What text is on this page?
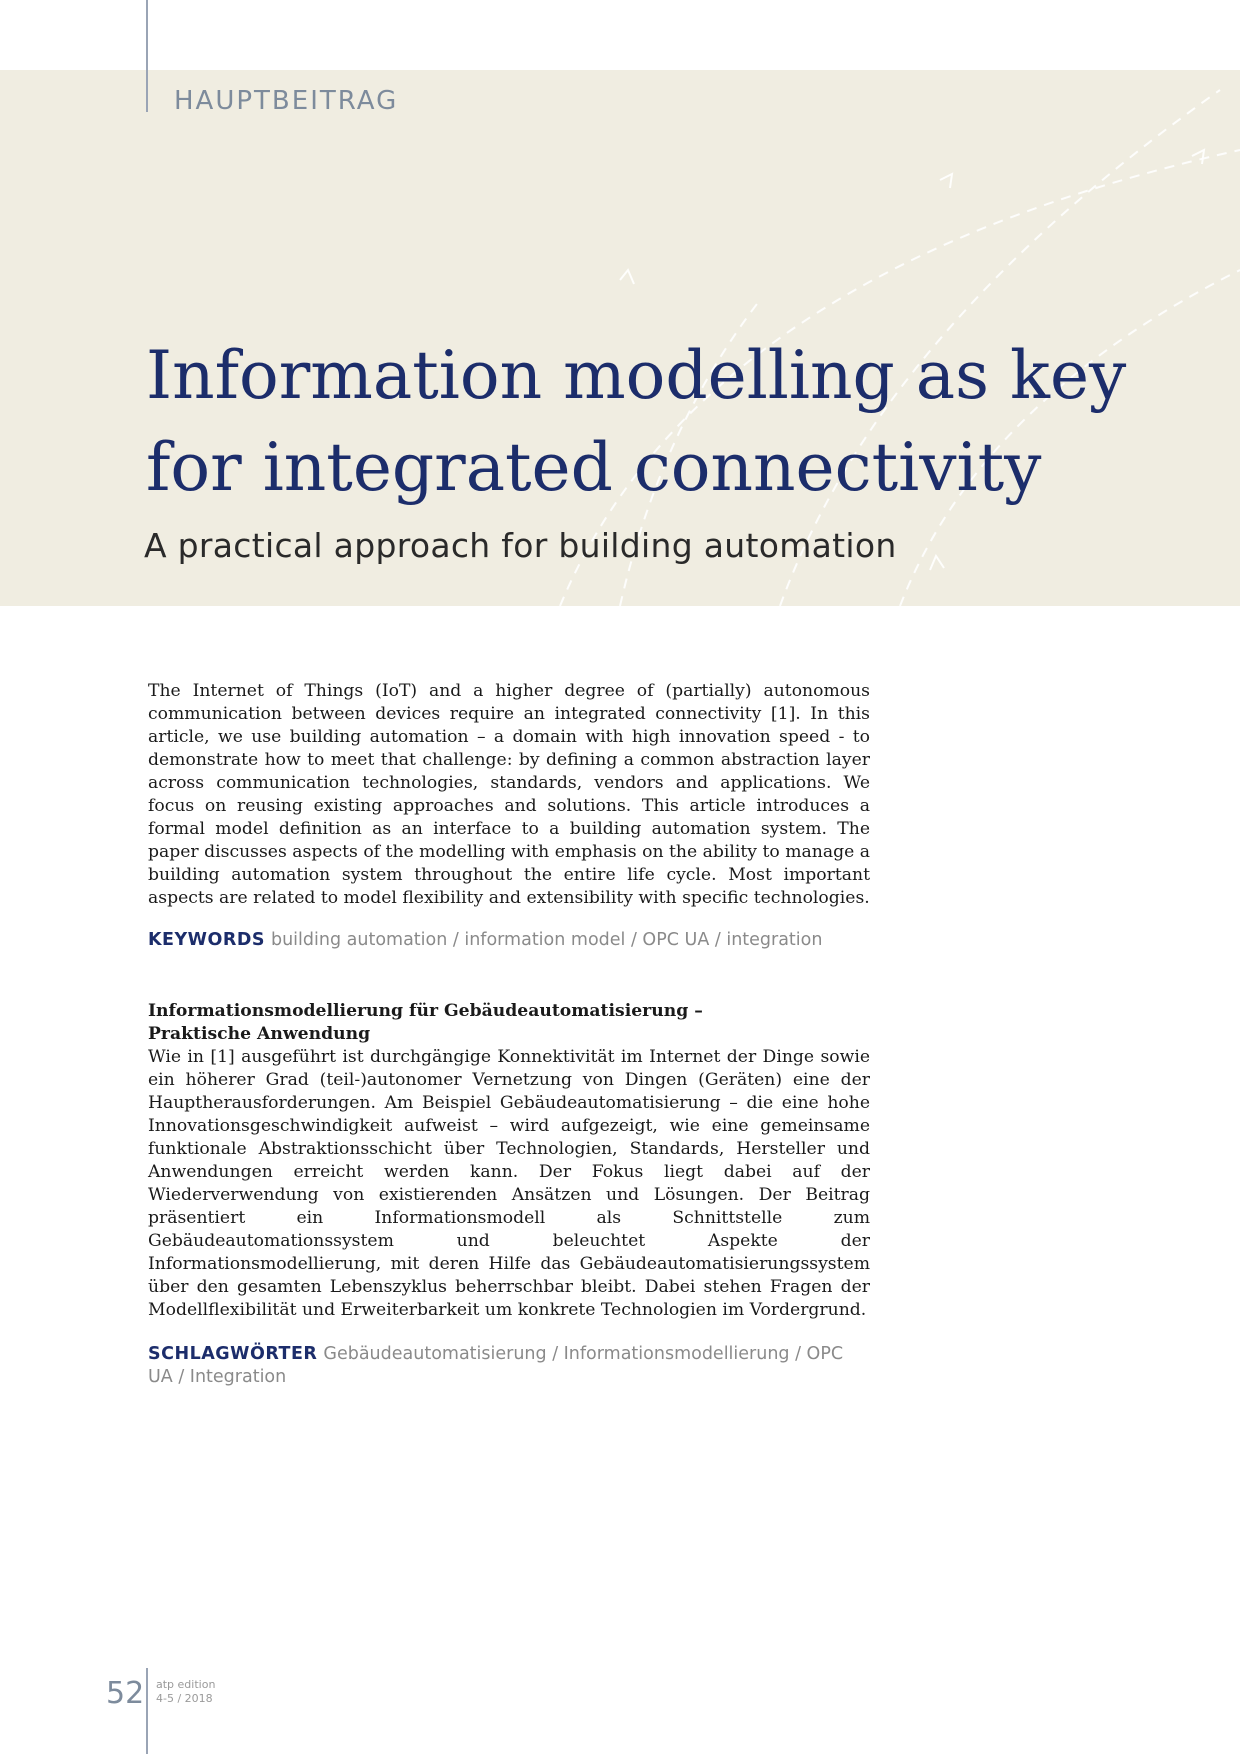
HAUPTBEITRAG
Information modelling as key
for integrated connectivity
A practical approach for building automation

The Internet of Things (IoT) and a higher degree of (partially) autonomous communication between devices require an integrated connectivity [1]. In this article, we use building automation – a domain with high innovation speed - to demonstrate how to meet that challenge: by defining a common abstraction layer across communication technologies, standards, vendors and applications. We focus on reusing existing approaches and solutions. This article introduces a formal model definition as an interface to a building automation system. The paper discusses aspects of the modelling with emphasis on the ability to manage a building automation system throughout the entire life cycle. Most important aspects are related to model flexibility and extensibility with specific technologies.

KEYWORDS building automation / information model / OPC UA / integration
Informationsmodellierung für Gebäudeautomatisierung –
Praktische Anwendung

Wie in [1] ausgeführt ist durchgängige Konnektivität im Internet der Dinge sowie ein höherer Grad (teil-)autonomer Vernetzung von Dingen (Geräten) eine der Hauptherausforderungen. Am Beispiel Gebäudeautomatisierung – die eine hohe Innovationsgeschwindigkeit aufweist – wird aufgezeigt, wie eine gemeinsame funktionale Abstraktionsschicht über Technologien, Standards, Hersteller und Anwendungen erreicht werden kann. Der Fokus liegt dabei auf der Wiederverwendung von existierenden Ansätzen und Lösungen. Der Beitrag präsentiert ein Informationsmodell als Schnittstelle zum Gebäudeautomationssystem und beleuchtet Aspekte der Informationsmodellierung, mit deren Hilfe das Gebäudeautomatisierungssystem über den gesamten Lebenszyklus beherrschbar bleibt. Dabei stehen Fragen der Modellflexibilität und Erweiterbarkeit um konkrete Technologien im Vordergrund.

SCHLAGWÖRTER Gebäudeautomatisierung / Informationsmodellierung / OPC UA / Integration
52 atp edition
4-5 / 2018
